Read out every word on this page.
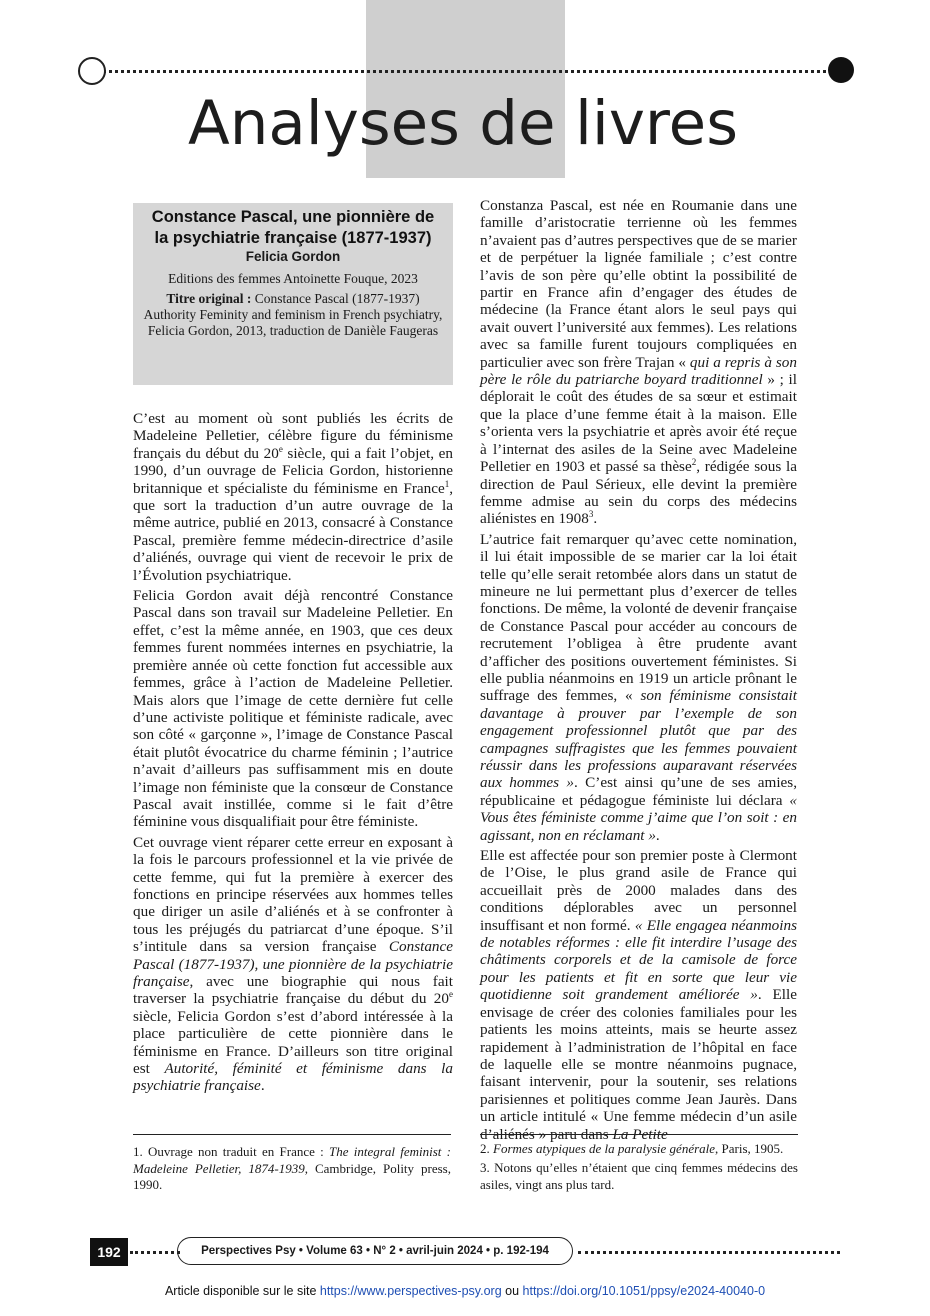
Analyses de livres

Constance Pascal, une pionnière de la psychiatrie française (1877-1937)

Felicia Gordon

Editions des femmes Antoinette Fouque, 2023

Titre original : Constance Pascal (1877-1937) Authority Feminity and feminism in French psychiatry, Felicia Gordon, 2013, traduction de Danièle Faugeras

C’est au moment où sont publiés les écrits de Madeleine Pelletier, célèbre figure du féminisme français du début du 20e siècle, qui a fait l’objet, en 1990, d’un ouvrage de Felicia Gordon, historienne britannique et spécialiste du féminisme en France$^1$, que sort la traduction d’un autre ouvrage de la même autrice, publié en 2013, consacré à Constance Pascal, première femme médecin-directrice d’asile d’aliénés, ouvrage qui vient de recevoir le prix de l’Évolution psychiatrique.

Felicia Gordon avait déjà rencontré Constance Pascal dans son travail sur Madeleine Pelletier. En effet, c’est la même année, en 1903, que ces deux femmes furent nommées internes en psychiatrie, la première année où cette fonction fut accessible aux femmes, grâce à l’action de Madeleine Pelletier. Mais alors que l’image de cette dernière fut celle d’une activiste politique et féministe radicale, avec son côté « garçonne », l’image de Constance Pascal était plutôt évocatrice du charme féminin ; l’autrice n’avait d’ailleurs pas suffisamment mis en doute l’image non féministe que la consœur de Constance Pascal avait instillée, comme si le fait d’être féminine vous disqualifiait pour être féministe.

Cet ouvrage vient réparer cette erreur en exposant à la fois le parcours professionnel et la vie privée de cette femme, qui fut la première à exercer des fonctions en principe réservées aux hommes telles que diriger un asile d’aliénés et à se confronter à tous les préjugés du patriarcat d’une époque. S’il s’intitule dans sa version française Constance Pascal (1877-1937), une pionnière de la psychiatrie française, avec une biographie qui nous fait traverser la psychiatrie française du début du 20e siècle, Felicia Gordon s’est d’abord intéressée à la place particulière de cette pionnière dans le féminisme en France. D’ailleurs son titre original est Autorité, féminité et féminisme dans la psychiatrie française.

Constanza Pascal, est née en Roumanie dans une famille d’aristocratie terrienne où les femmes n’avaient pas d’autres perspectives que de se marier et de perpétuer la lignée familiale ; c’est contre l’avis de son père qu’elle obtint la possibilité de partir en France afin d’engager des études de médecine (la France étant alors le seul pays qui avait ouvert l’université aux femmes). Les relations avec sa famille furent toujours compliquées en particulier avec son frère Trajan « qui a repris à son père le rôle du patriarche boyard traditionnel » ; il déplorait le coût des études de sa sœur et estimait que la place d’une femme était à la maison. Elle s’orienta vers la psychiatrie et après avoir été reçue à l’internat des asiles de la Seine avec Madeleine Pelletier en 1903 et passé sa thèse$^2$, rédigée sous la direction de Paul Sérieux, elle devint la première femme admise au sein du corps des médecins aliénistes en 1908$^3$.

L’autrice fait remarquer qu’avec cette nomination, il lui était impossible de se marier car la loi était telle qu’elle serait retombée alors dans un statut de mineure ne lui permettant plus d’exercer de telles fonctions. De même, la volonté de devenir française de Constance Pascal pour accéder au concours de recrutement l’obligea à être prudente avant d’afficher des positions ouvertement féministes. Si elle publia néanmoins en 1919 un article prônant le suffrage des femmes, « son féminisme consistait davantage à prouver par l’exemple de son engagement professionnel plutôt que par des campagnes suffragistes que les femmes pouvaient réussir dans les professions auparavant réservées aux hommes ». C’est ainsi qu’une de ses amies, républicaine et pédagogue féministe lui déclara « Vous êtes féministe comme j’aime que l’on soit : en agissant, non en réclamant ».

Elle est affectée pour son premier poste à Clermont de l’Oise, le plus grand asile de France qui accueillait près de 2000 malades dans des conditions déplorables avec un personnel insuffisant et non formé. « Elle engagea néanmoins de notables réformes : elle fit interdire l’usage des châtiments corporels et de la camisole de force pour les patients et fit en sorte que leur vie quotidienne soit grandement améliorée ». Elle envisage de créer des colonies familiales pour les patients les moins atteints, mais se heurte assez rapidement à l’administration de l’hôpital en face de laquelle elle se montre néanmoins pugnace, faisant intervenir, pour la soutenir, ses relations parisiennes et politiques comme Jean Jaurès. Dans un article intitulé « Une femme médecin d’un asile d’aliénés » paru dans La Petite

1. Ouvrage non traduit en France : The integral feminist : Madeleine Pelletier, 1874-1939, Cambridge, Polity press, 1990.
2. Formes atypiques de la paralysie générale, Paris, 1905.
3. Notons qu’elles n’étaient que cinq femmes médecins des asiles, vingt ans plus tard.
192	Perspectives Psy • Volume 63 • N° 2 • avril-juin 2024 • p. 192-194
Article disponible sur le site https://www.perspectives-psy.org ou https://doi.org/10.1051/ppsy/e2024-40040-0
